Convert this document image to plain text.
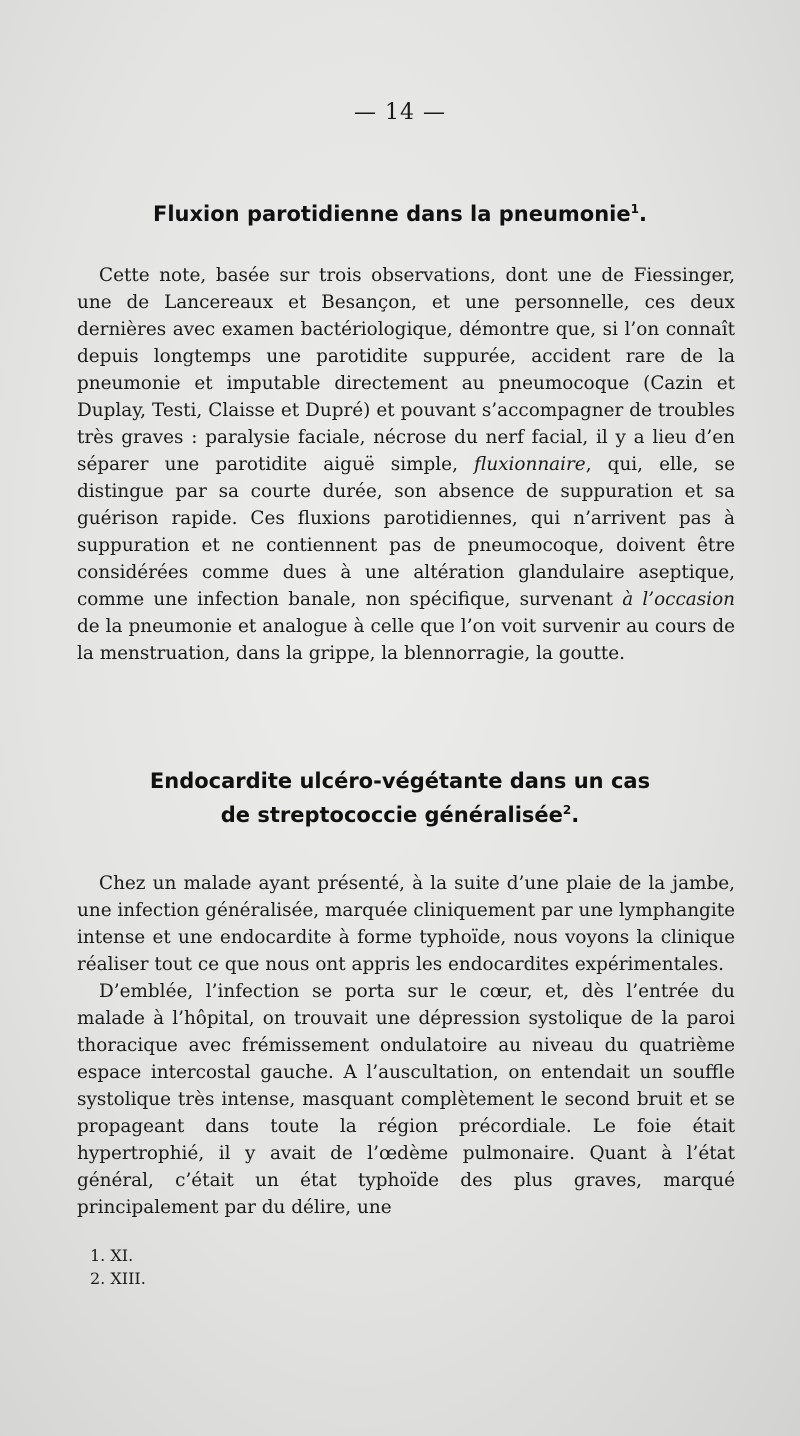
— 14 —
Fluxion parotidienne dans la pneumonie$^1$.

Cette note, basée sur trois observations, dont une de Fiessinger, une de Lancereaux et Besançon, et une personnelle, ces deux dernières avec examen bactériologique, démontre que, si l’on connaît depuis longtemps une parotidite suppurée, accident rare de la pneumonie et imputable directement au pneumocoque (Cazin et Duplay, Testi, Claisse et Dupré) et pouvant s’accompagner de troubles très graves : paralysie faciale, nécrose du nerf facial, il y a lieu d’en séparer une parotidite aiguë simple, fluxionnaire, qui, elle, se distingue par sa courte durée, son absence de suppuration et sa guérison rapide. Ces fluxions parotidiennes, qui n’arrivent pas à suppuration et ne contiennent pas de pneumocoque, doivent être considérées comme dues à une altération glandulaire aseptique, comme une infection banale, non spécifique, survenant à l’occasion de la pneumonie et analogue à celle que l’on voit survenir au cours de la menstruation, dans la grippe, la blennorragie, la goutte.

Endocardite ulcéro-végétante dans un cas
de streptococcie généralisée$^2$.

Chez un malade ayant présenté, à la suite d’une plaie de la jambe, une infection généralisée, marquée cliniquement par une lymphangite intense et une endocardite à forme typhoïde, nous voyons la clinique réaliser tout ce que nous ont appris les endocardites expérimentales.

D’emblée, l’infection se porta sur le cœur, et, dès l’entrée du malade à l’hôpital, on trouvait une dépression systolique de la paroi thoracique avec frémissement ondulatoire au niveau du quatrième espace intercostal gauche. A l’auscultation, on entendait un souffle systolique très intense, masquant complètement le second bruit et se propageant dans toute la région précordiale. Le foie était hypertrophié, il y avait de l’œdème pulmonaire. Quant à l’état général, c’était un état typhoïde des plus graves, marqué principalement par du délire, une

1. XI.
2. XIII.
